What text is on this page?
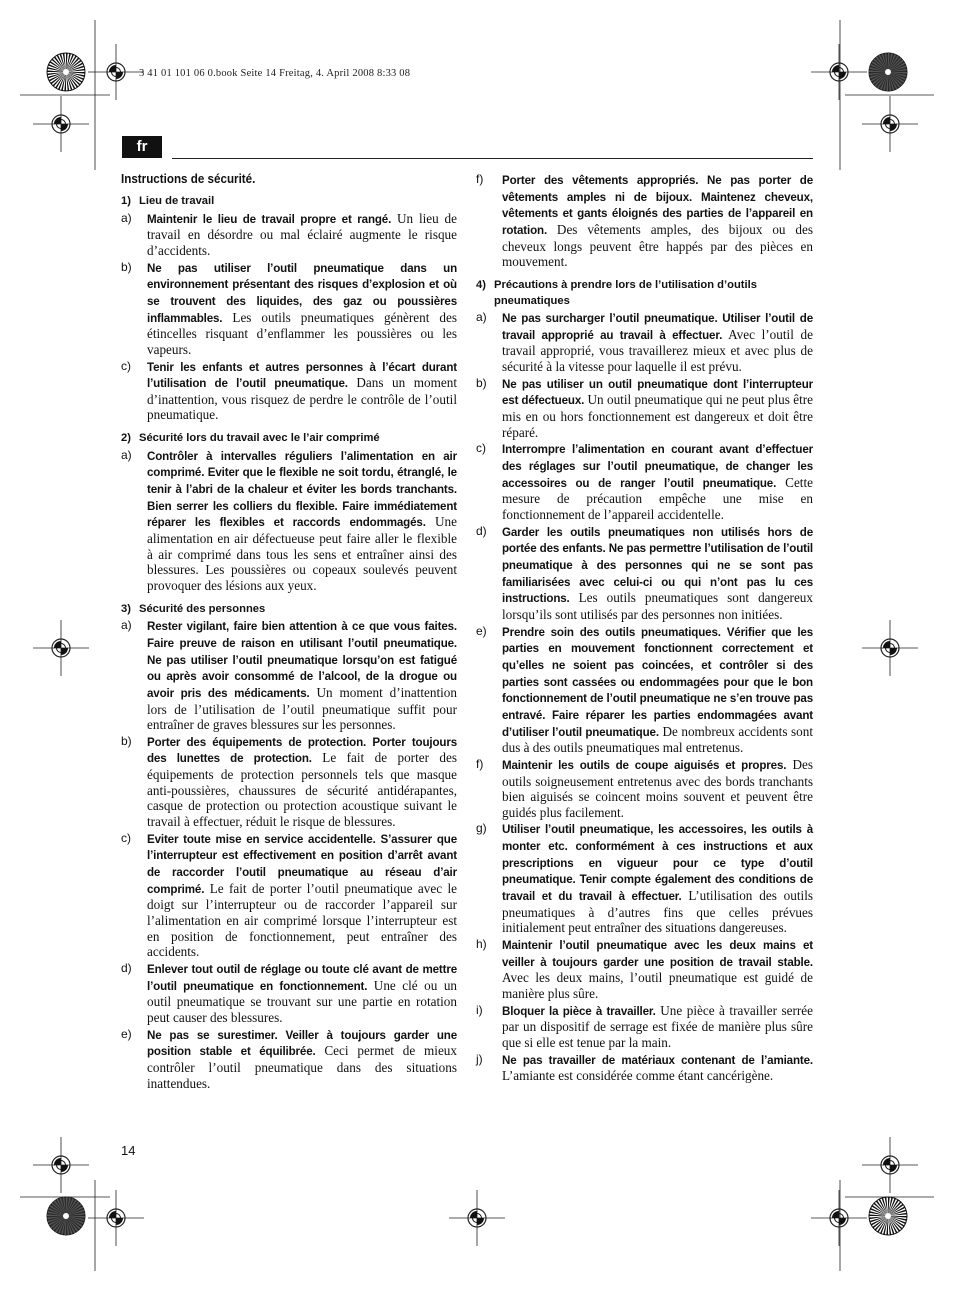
3 41 01 101 06 0.book Seite 14 Freitag, 4. April 2008 8:33 08
fr
Instructions de sécurité.
1) Lieu de travail
a)	Maintenir le lieu de travail propre et rangé. Un lieu de travail en désordre ou mal éclairé augmente le risque d’accidents.
b)	Ne pas utiliser l’outil pneumatique dans un environnement présentant des risques d’explosion et où se trouvent des liquides, des gaz ou poussières inflammables. Les outils pneumatiques génèrent des étincelles risquant d’enflammer les poussières ou les vapeurs.
c)	Tenir les enfants et autres personnes à l’écart durant l’utilisation de l’outil pneumatique. Dans un moment d’inattention, vous risquez de perdre le contrôle de l’outil pneumatique.
2) Sécurité lors du travail avec le l’air comprimé
a)	Contrôler à intervalles réguliers l’alimentation en air comprimé. Eviter que le flexible ne soit tordu, étranglé, le tenir à l’abri de la chaleur et éviter les bords tranchants. Bien serrer les colliers du flexible. Faire immédiatement réparer les flexibles et raccords endommagés. Une alimentation en air défectueuse peut faire aller le flexible à air comprimé dans tous les sens et entraîner ainsi des blessures. Les poussières ou copeaux soulevés peuvent provoquer des lésions aux yeux.
3) Sécurité des personnes
a)	Rester vigilant, faire bien attention à ce que vous faites. Faire preuve de raison en utilisant l’outil pneumatique. Ne pas utiliser l’outil pneumatique lorsqu’on est fatigué ou après avoir consommé de l’alcool, de la drogue ou avoir pris des médicaments. Un moment d’inattention lors de l’utilisation de l’outil pneumatique suffit pour entraîner de graves blessures sur les personnes.
b)	Porter des équipements de protection. Porter toujours des lunettes de protection. Le fait de porter des équipements de protection personnels tels que masque anti-poussières, chaussures de sécurité antidérapantes, casque de protection ou protection acoustique suivant le travail à effectuer, réduit le risque de blessures.
c)	Eviter toute mise en service accidentelle. S’assurer que l’interrupteur est effectivement en position d’arrêt avant de raccorder l’outil pneumatique au réseau d’air comprimé. Le fait de porter l’outil pneumatique avec le doigt sur l’interrupteur ou de raccorder l’appareil sur l’alimentation en air comprimé lorsque l’interrupteur est en position de fonctionnement, peut entraîner des accidents.
d)	Enlever tout outil de réglage ou toute clé avant de mettre l’outil pneumatique en fonctionnement. Une clé ou un outil pneumatique se trouvant sur une partie en rotation peut causer des blessures.
e)	Ne pas se surestimer. Veiller à toujours garder une position stable et équilibrée. Ceci permet de mieux contrôler l’outil pneumatique dans des situations inattendues.
f)	Porter des vêtements appropriés. Ne pas porter de vêtements amples ni de bijoux. Maintenez cheveux, vêtements et gants éloignés des parties de l’appareil en rotation. Des vêtements amples, des bijoux ou des cheveux longs peuvent être happés par des pièces en mouvement.
4) Précautions à prendre lors de l’utilisation d’outils pneumatiques
a)	Ne pas surcharger l’outil pneumatique. Utiliser l’outil de travail approprié au travail à effectuer. Avec l’outil de travail approprié, vous travaillerez mieux et avec plus de sécurité à la vitesse pour laquelle il est prévu.
b)	Ne pas utiliser un outil pneumatique dont l’interrupteur est défectueux. Un outil pneumatique qui ne peut plus être mis en ou hors fonctionnement est dangereux et doit être réparé.
c)	Interrompre l’alimentation en courant avant d’effectuer des réglages sur l’outil pneumatique, de changer les accessoires ou de ranger l’outil pneumatique. Cette mesure de précaution empêche une mise en fonctionnement de l’appareil accidentelle.
d)	Garder les outils pneumatiques non utilisés hors de portée des enfants. Ne pas permettre l’utilisation de l’outil pneumatique à des personnes qui ne se sont pas familiarisées avec celui-ci ou qui n’ont pas lu ces instructions. Les outils pneumatiques sont dangereux lorsqu’ils sont utilisés par des personnes non initiées.
e)	Prendre soin des outils pneumatiques. Vérifier que les parties en mouvement fonctionnent correctement et qu’elles ne soient pas coincées, et contrôler si des parties sont cassées ou endommagées pour que le bon fonctionnement de l’outil pneumatique ne s’en trouve pas entravé. Faire réparer les parties endommagées avant d’utiliser l’outil pneumatique. De nombreux accidents sont dus à des outils pneumatiques mal entretenus.
f)	Maintenir les outils de coupe aiguisés et propres. Des outils soigneusement entretenus avec des bords tranchants bien aiguisés se coincent moins souvent et peuvent être guidés plus facilement.
g)	Utiliser l’outil pneumatique, les accessoires, les outils à monter etc. conformément à ces instructions et aux prescriptions en vigueur pour ce type d’outil pneumatique. Tenir compte également des conditions de travail et du travail à effectuer. L’utilisation des outils pneumatiques à d’autres fins que celles prévues initialement peut entraîner des situations dangereuses.
h)	Maintenir l’outil pneumatique avec les deux mains et veiller à toujours garder une position de travail stable. Avec les deux mains, l’outil pneumatique est guidé de manière plus sûre.
i)	Bloquer la pièce à travailler. Une pièce à travailler serrée par un dispositif de serrage est fixée de manière plus sûre que si elle est tenue par la main.
j)	Ne pas travailler de matériaux contenant de l’amiante. L’amiante est considérée comme étant cancérigène.
14
